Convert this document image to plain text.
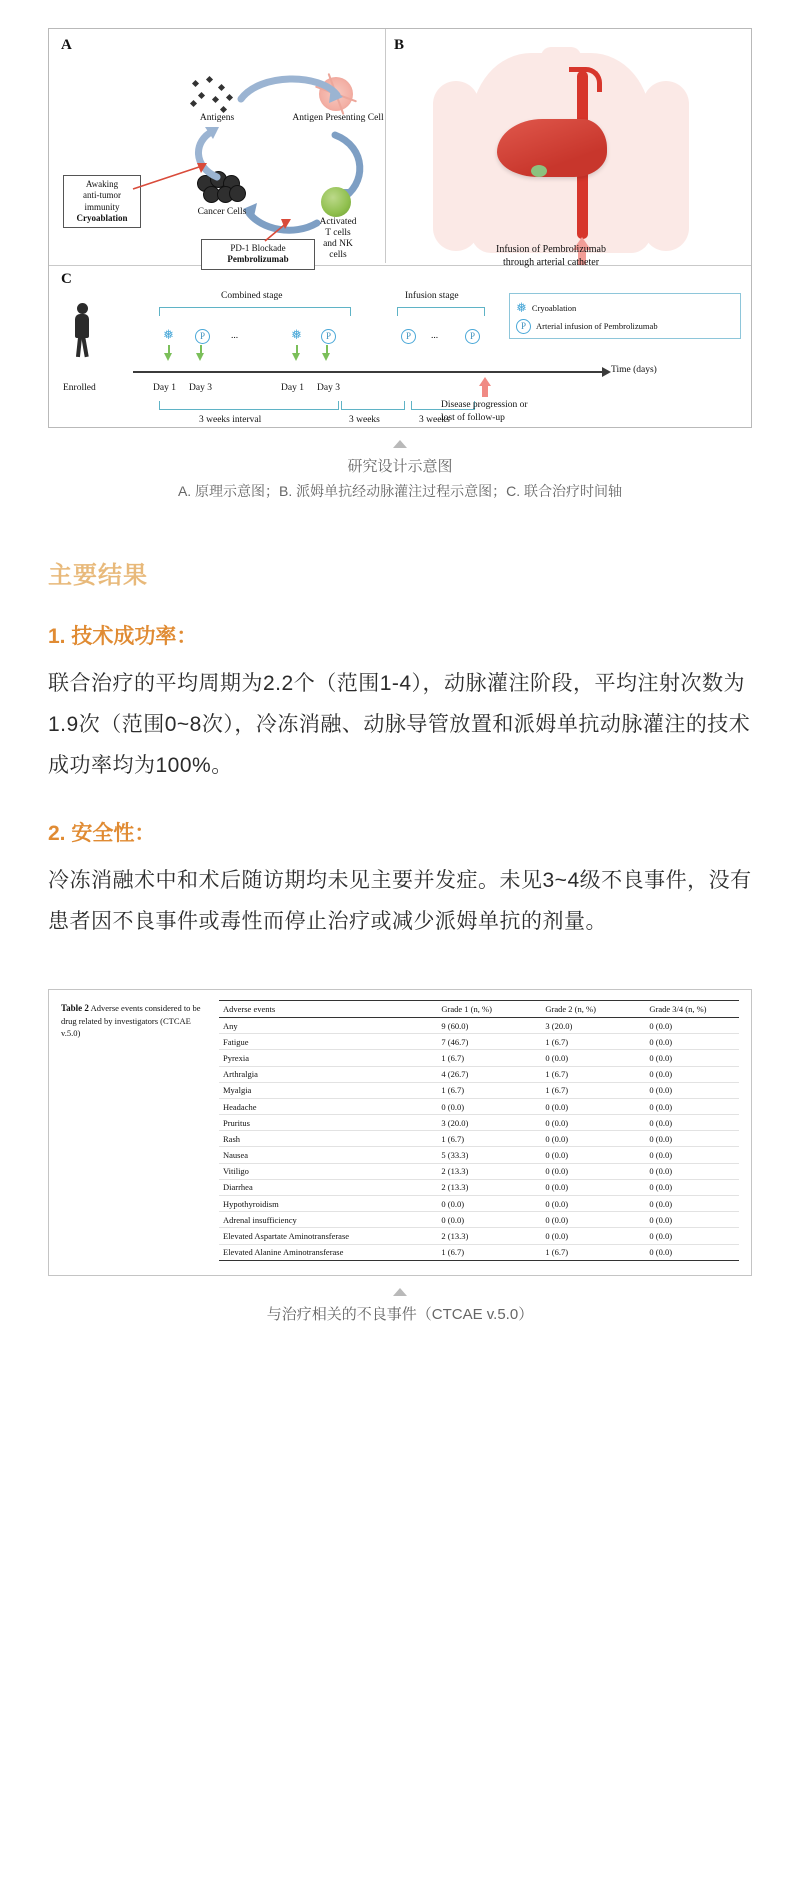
A	B
C
Antigens	Antigen Presenting Cell
Activated
T cells
and NK
cells
Cancer Cells
Awaking
anti-tumor
immunity
Cryoablation
PD-1 Blockade
Pembrolizumab
Infusion of Pembrolizumab
through arterial catheter
Combined stage	Infusion stage
❅ Cryoablation
P	Arterial infusion of Pembrolizumab
❅	P	...	❅	P	P	...	P
Time (days)
Enrolled	Day 1 Day 3	Day 1 Day 3
3 weeks interval	3 weeks	3 weeks
Disease progression or
lost of follow-up
研究设计示意图
A. 原理示意图；B. 派姆单抗经动脉灌注过程示意图；C. 联合治疗时间轴
主要结果
1. 技术成功率：

联合治疗的平均周期为2.2个（范围1-4），动脉灌注阶段，平均注射次数为1.9次（范围0~8次），冷冻消融、动脉导管放置和派姆单抗动脉灌注的技术成功率均为100%。

2. 安全性：

冷冻消融术中和术后随访期均未见主要并发症。未见3~4级不良事件，没有患者因不良事件或毒性而停止治疗或减少派姆单抗的剂量。

Table 2 Adverse events considered to be drug related by investigators (CTCAE v.5.0)
Adverse events	Grade 1 (n, %)	Grade 2 (n, %)	Grade 3/4 (n, %)
Any	9 (60.0)	3 (20.0)	0 (0.0)
Fatigue	7 (46.7)	1 (6.7)	0 (0.0)
Pyrexia	1 (6.7)	0 (0.0)	0 (0.0)
Arthralgia	4 (26.7)	1 (6.7)	0 (0.0)
Myalgia	1 (6.7)	1 (6.7)	0 (0.0)
Headache	0 (0.0)	0 (0.0)	0 (0.0)
Pruritus	3 (20.0)	0 (0.0)	0 (0.0)
Rash	1 (6.7)	0 (0.0)	0 (0.0)
Nausea	5 (33.3)	0 (0.0)	0 (0.0)
Vitiligo	2 (13.3)	0 (0.0)	0 (0.0)
Diarrhea	2 (13.3)	0 (0.0)	0 (0.0)
Hypothyroidism	0 (0.0)	0 (0.0)	0 (0.0)
Adrenal insufficiency	0 (0.0)	0 (0.0)	0 (0.0)
Elevated Aspartate Aminotransferase	2 (13.3)	0 (0.0)	0 (0.0)
Elevated Alanine Aminotransferase	1 (6.7)	1 (6.7)	0 (0.0)
与治疗相关的不良事件（CTCAE v.5.0）
